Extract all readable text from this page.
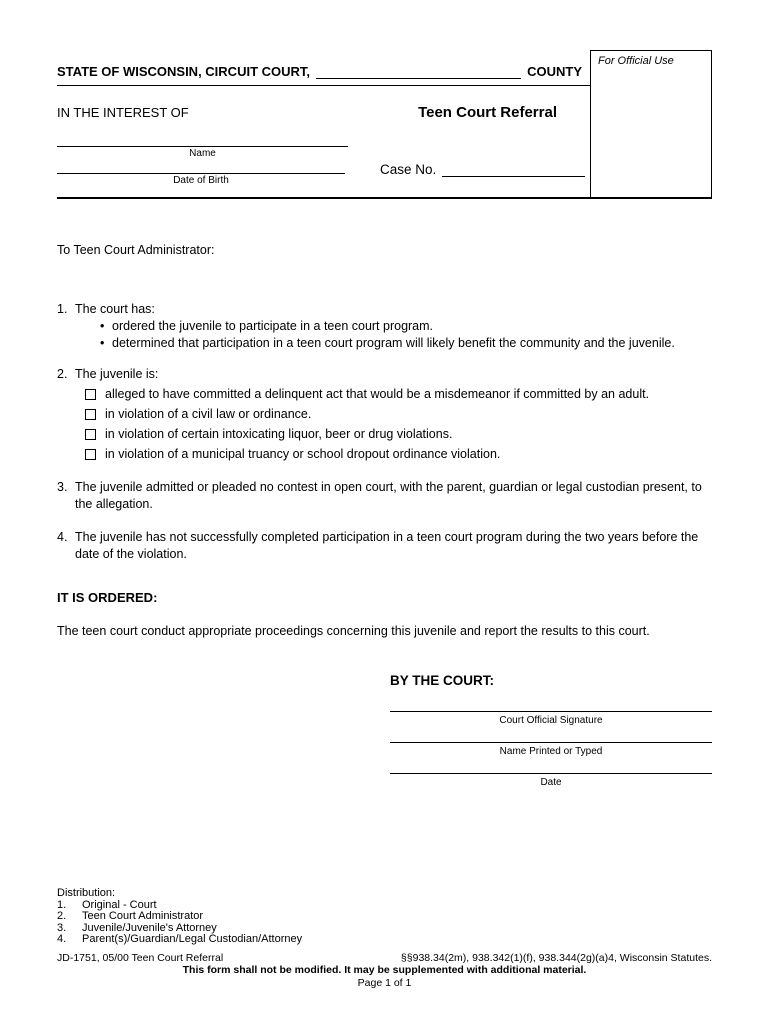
STATE OF WISCONSIN, CIRCUIT COURT,	COUNTY
IN THE INTEREST OF	Teen Court Referral
Name
Date of Birth
Case No.
For Official Use
To Teen Court Administrator:
1. The court has:
• ordered the juvenile to participate in a teen court program.
• determined that participation in a teen court program will likely benefit the community and the juvenile.
2. The juvenile is:
alleged to have committed a delinquent act that would be a misdemeanor if committed by an adult.
in violation of a civil law or ordinance.
in violation of certain intoxicating liquor, beer or drug violations.
in violation of a municipal truancy or school dropout ordinance violation.
3. The juvenile admitted or pleaded no contest in open court, with the parent, guardian or legal custodian present, to the allegation.
4. The juvenile has not successfully completed participation in a teen court program during the two years before the date of the violation.
IT IS ORDERED:
The teen court conduct appropriate proceedings concerning this juvenile and report the results to this court.
BY THE COURT:
Court Official Signature
Name Printed or Typed
Date
Distribution:
1.	Original - Court
2.	Teen Court Administrator
3.	Juvenile/Juvenile's Attorney
4.	Parent(s)/Guardian/Legal Custodian/Attorney
JD-1751, 05/00 Teen Court Referral	§§938.34(2m), 938.342(1)(f), 938.344(2g)(a)4, Wisconsin Statutes.
This form shall not be modified. It may be supplemented with additional material.
Page 1 of 1
